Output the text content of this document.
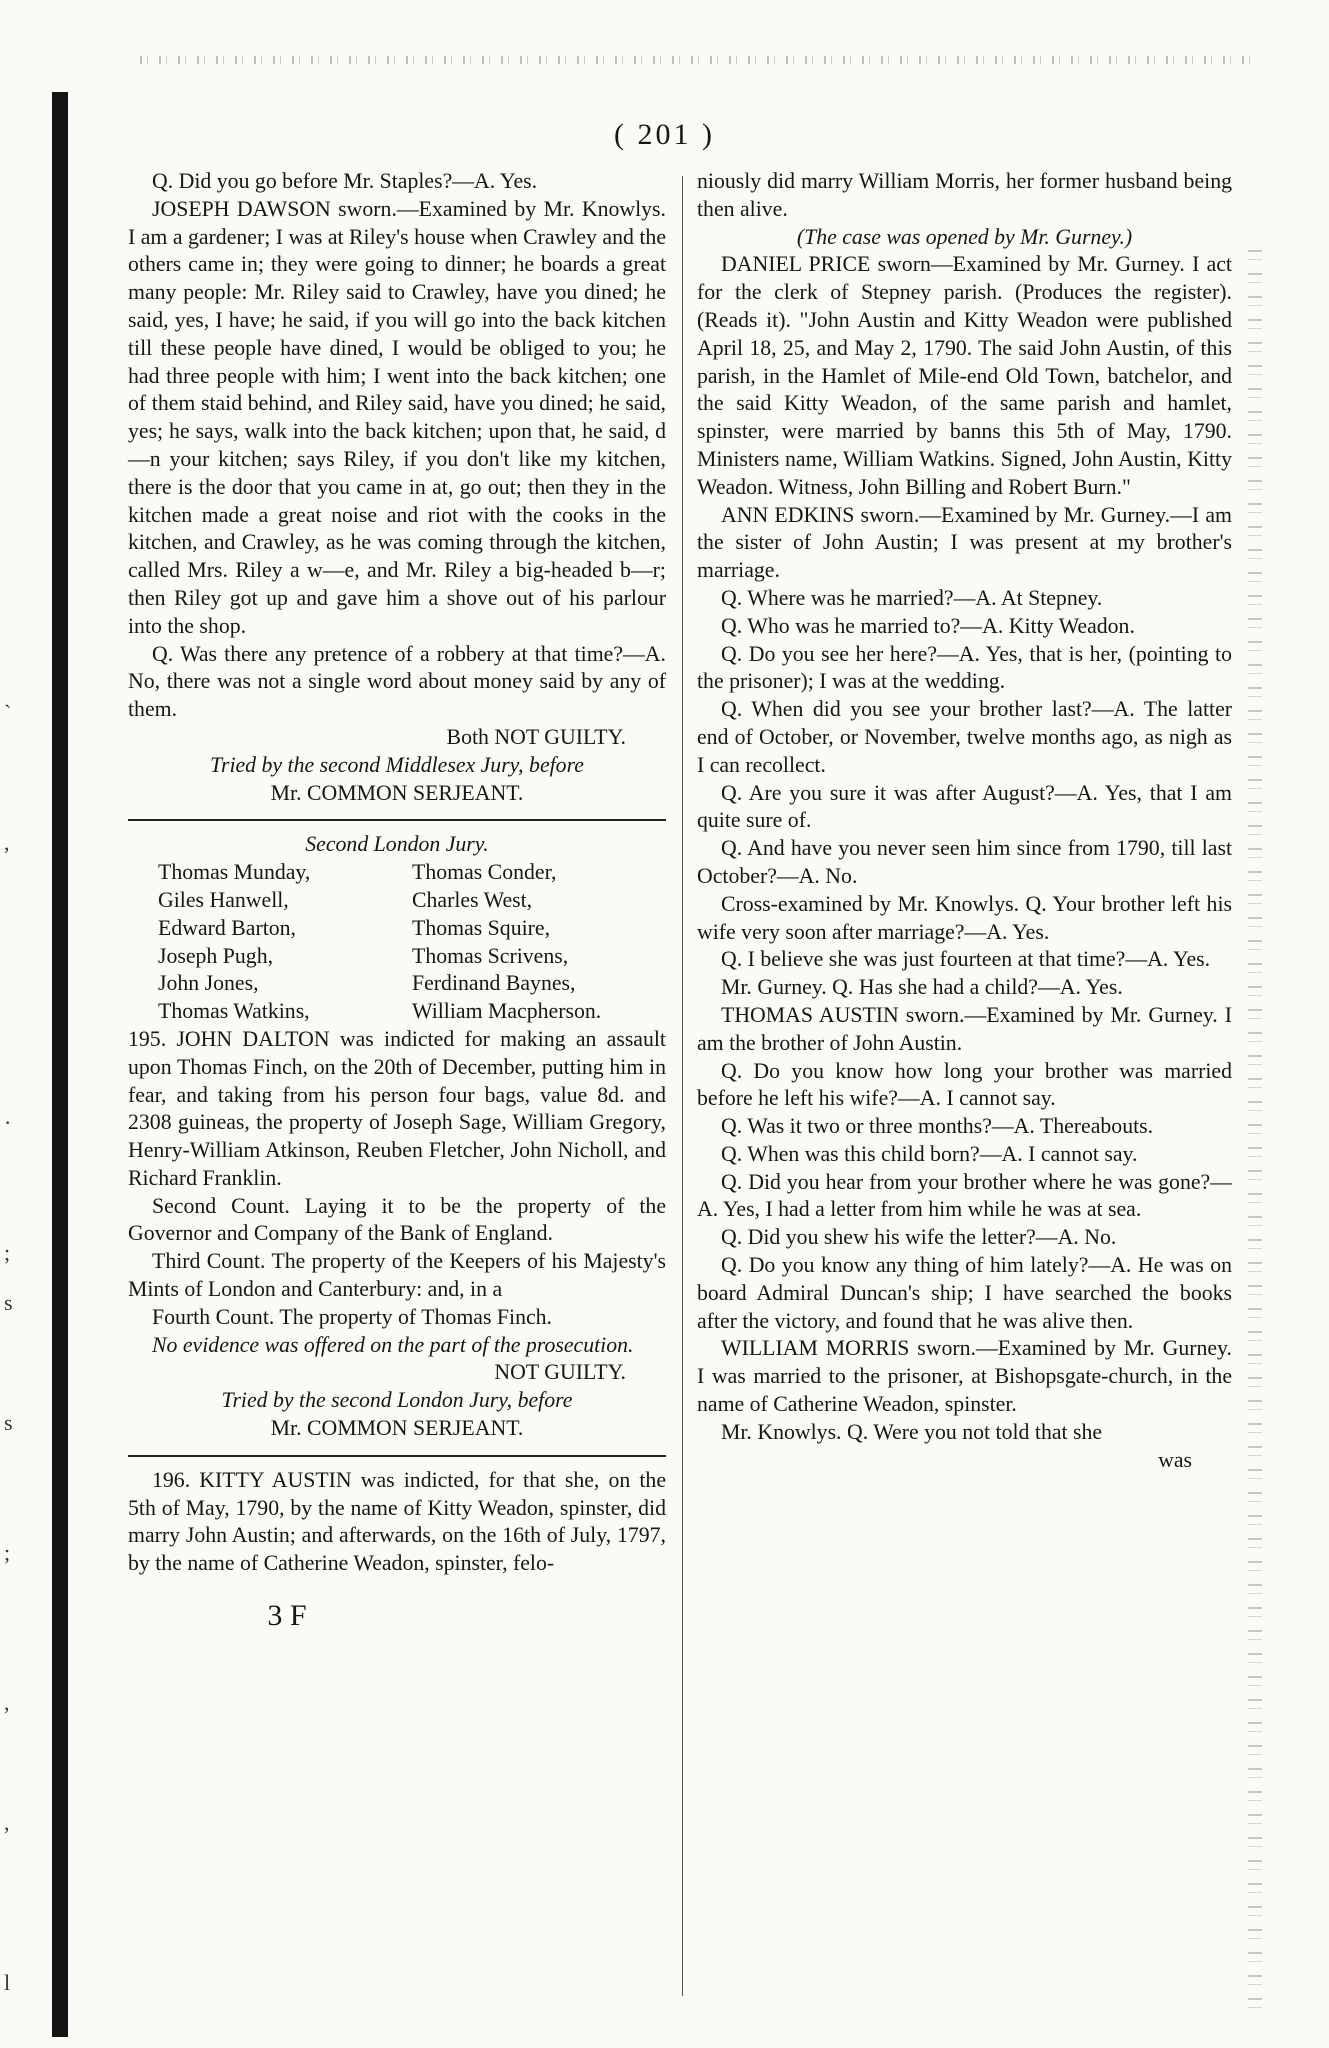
`
,
·
;
s
s
;
,
,
l
( 201 )

Q. Did you go before Mr. Staples?—A. Yes.

JOSEPH DAWSON sworn.—Examined by Mr. Knowlys. I am a gardener; I was at Riley's house when Crawley and the others came in; they were going to dinner; he boards a great many people: Mr. Riley said to Crawley, have you dined; he said, yes, I have; he said, if you will go into the back kitchen till these people have dined, I would be obliged to you; he had three people with him; I went into the back kitchen; one of them staid behind, and Riley said, have you dined; he said, yes; he says, walk into the back kitchen; upon that, he said, d—n your kitchen; says Riley, if you don't like my kitchen, there is the door that you came in at, go out; then they in the kitchen made a great noise and riot with the cooks in the kitchen, and Crawley, as he was coming through the kitchen, called Mrs. Riley a w—e, and Mr. Riley a big-headed b—r; then Riley got up and gave him a shove out of his parlour into the shop.

Q. Was there any pretence of a robbery at that time?—A. No, there was not a single word about money said by any of them.

Both NOT GUILTY.

Tried by the second Middlesex Jury, before

Mr. COMMON SERJEANT.

Second London Jury.

Thomas Munday,	Thomas Conder,
Giles Hanwell,	Charles West,
Edward Barton,	Thomas Squire,
Joseph Pugh,	Thomas Scrivens,
John Jones,	Ferdinand Baynes,
Thomas Watkins,	William Macpherson.

195. JOHN DALTON was indicted for making an assault upon Thomas Finch, on the 20th of December, putting him in fear, and taking from his person four bags, value 8d. and 2308 guineas, the property of Joseph Sage, William Gregory, Henry-William Atkinson, Reuben Fletcher, John Nicholl, and Richard Franklin.

Second Count. Laying it to be the property of the Governor and Company of the Bank of England.

Third Count. The property of the Keepers of his Majesty's Mints of London and Canterbury: and, in a

Fourth Count. The property of Thomas Finch.

No evidence was offered on the part of the prosecution.

NOT GUILTY.

Tried by the second London Jury, before

Mr. COMMON SERJEANT.

196. KITTY AUSTIN was indicted, for that she, on the 5th of May, 1790, by the name of Kitty Weadon, spinster, did marry John Austin; and afterwards, on the 16th of July, 1797, by the name of Catherine Weadon, spinster, felo-

3 F

niously did marry William Morris, her former husband being then alive.

(The case was opened by Mr. Gurney.)

DANIEL PRICE sworn—Examined by Mr. Gurney. I act for the clerk of Stepney parish. (Produces the register). (Reads it). "John Austin and Kitty Weadon were published April 18, 25, and May 2, 1790. The said John Austin, of this parish, in the Hamlet of Mile-end Old Town, batchelor, and the said Kitty Weadon, of the same parish and hamlet, spinster, were married by banns this 5th of May, 1790. Ministers name, William Watkins. Signed, John Austin, Kitty Weadon. Witness, John Billing and Robert Burn."

ANN EDKINS sworn.—Examined by Mr. Gurney.—I am the sister of John Austin; I was present at my brother's marriage.

Q. Where was he married?—A. At Stepney.

Q. Who was he married to?—A. Kitty Weadon.

Q. Do you see her here?—A. Yes, that is her, (pointing to the prisoner); I was at the wedding.

Q. When did you see your brother last?—A. The latter end of October, or November, twelve months ago, as nigh as I can recollect.

Q. Are you sure it was after August?—A. Yes, that I am quite sure of.

Q. And have you never seen him since from 1790, till last October?—A. No.

Cross-examined by Mr. Knowlys. Q. Your brother left his wife very soon after marriage?—A. Yes.

Q. I believe she was just fourteen at that time?—A. Yes.

Mr. Gurney. Q. Has she had a child?—A. Yes.

THOMAS AUSTIN sworn.—Examined by Mr. Gurney. I am the brother of John Austin.

Q. Do you know how long your brother was married before he left his wife?—A. I cannot say.

Q. Was it two or three months?—A. Thereabouts.

Q. When was this child born?—A. I cannot say.

Q. Did you hear from your brother where he was gone?—A. Yes, I had a letter from him while he was at sea.

Q. Did you shew his wife the letter?—A. No.

Q. Do you know any thing of him lately?—A. He was on board Admiral Duncan's ship; I have searched the books after the victory, and found that he was alive then.

WILLIAM MORRIS sworn.—Examined by Mr. Gurney. I was married to the prisoner, at Bishopsgate-church, in the name of Catherine Weadon, spinster.

Mr. Knowlys. Q. Were you not told that she

was
